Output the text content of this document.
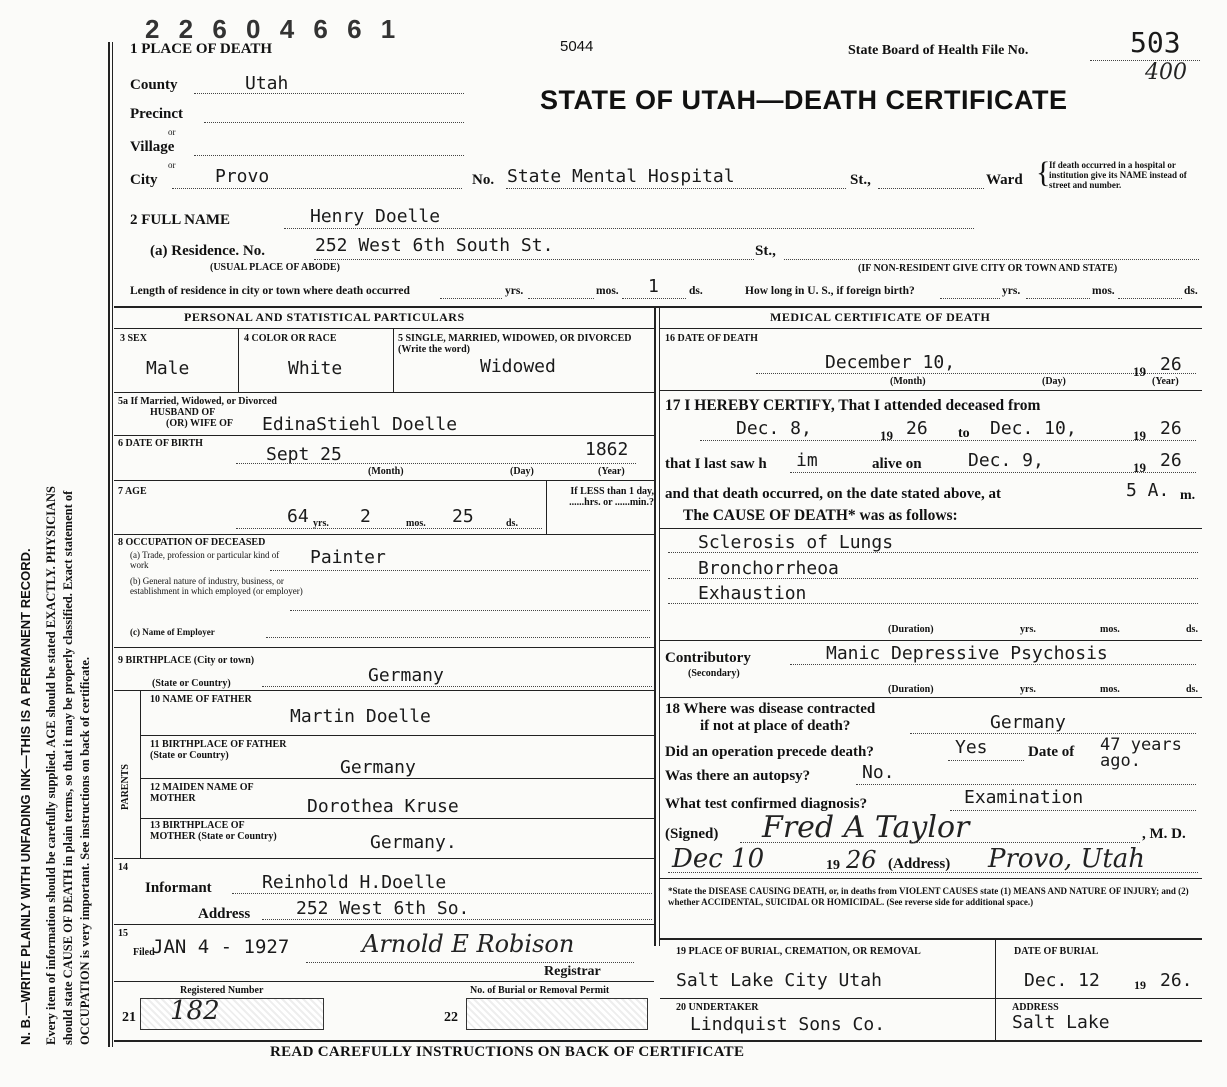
N. B.—WRITE PLAINLY WITH UNFADING INK—THIS IS A PERMANENT RECORD. Every item of information should be carefully supplied. AGE should be stated EXACTLY. PHYSICIANS should state CAUSE OF DEATH in plain terms, so that it may be properly classified. Exact statement of OCCUPATION is very important. See instructions on back of certificate.
2 2 6 0 4 6 6 1
1 PLACE OF DEATH	5044	State Board of Health File No.	503
400
STATE OF UTAH—DEATH CERTIFICATE
County	Utah
Precinct
or
Village
or
City	Provo	No. State Mental Hospital	St.,	Ward {
If death occurred in a hospital or institution give its NAME instead of street and number.
2 FULL NAME	Henry Doelle
(a) Residence. No.	252 West 6th South St.	St.,
(USUAL PLACE OF ABODE)	(IF NON-RESIDENT GIVE CITY OR TOWN AND STATE)
Length of residence in city or town where death occurred	yrs.	mos. 1	ds.	How long in U. S., if foreign birth?	yrs.	mos.	ds.
PERSONAL AND STATISTICAL PARTICULARS
3 SEX
Male
4 COLOR OR RACE
White
5 SINGLE, MARRIED, WIDOWED, OR DIVORCED (Write the word)
Widowed
5a If Married, Widowed, or Divorced
HUSBAND OF
(OR) WIFE OF EdinaStiehl Doelle
6 DATE OF BIRTH
Sept 25	1862
(Month)	(Day)	(Year)
7 AGE
64 yrs. 2	mos. 25	ds.
If LESS than 1 day, ......hrs. or ......min.?
8 OCCUPATION OF DECEASED
(a) Trade, profession or particular kind of work	Painter
(b) General nature of industry, business, or establishment in which employed (or employer)
(c) Name of Employer
9 BIRTHPLACE (City or town)
(State or Country)	Germany
PARENTS
10 NAME OF FATHER
Martin Doelle
11 BIRTHPLACE OF FATHER (State or Country)
Germany
12 MAIDEN NAME OF MOTHER	Dorothea Kruse
13 BIRTHPLACE OF MOTHER (State or Country)	Germany.
14
Informant	Reinhold H.Doelle
Address	252 West 6th So.
15
Filed
JAN 4 - 1927	Arnold E Robison
Registrar
Registered Number	No. of Burial or Removal Permit
21 182	22
MEDICAL CERTIFICATE OF DEATH
16 DATE OF DEATH
December 10,	19 26
(Month)	(Day)	(Year)
17 I HEREBY CERTIFY, That I attended deceased from
Dec. 8,	19 26 to Dec. 10,	19 26
that I last saw h im	alive on	Dec. 9,	19 26
and that death occurred, on the date stated above, at	5 A. m.
The CAUSE OF DEATH* was as follows:
Sclerosis of Lungs
Bronchorrheoa
Exhaustion
(Duration)	yrs.	mos.	ds.
Contributory
(Secondary)
Manic Depressive Psychosis
(Duration)	yrs.	mos.	ds.
18 Where was disease contracted
if not at place of death?	Germany
Did an operation precede death?	Yes	Date of 47 years ago.
Was there an autopsy?	No.
What test confirmed diagnosis?	Examination
(Signed) Fred A Taylor	, M. D.
Dec 10	19 26 (Address) Provo, Utah
*State the DISEASE CAUSING DEATH, or, in deaths from VIOLENT CAUSES state (1) MEANS AND NATURE OF INJURY; and (2) whether ACCIDENTAL, SUICIDAL OR HOMICIDAL. (See reverse side for additional space.)
19 PLACE OF BURIAL, CREMATION, OR REMOVAL
Salt Lake City Utah
DATE OF BURIAL
Dec. 12	19 26.
20 UNDERTAKER
Lindquist Sons Co.
ADDRESS
Salt Lake
READ CAREFULLY INSTRUCTIONS ON BACK OF CERTIFICATE
